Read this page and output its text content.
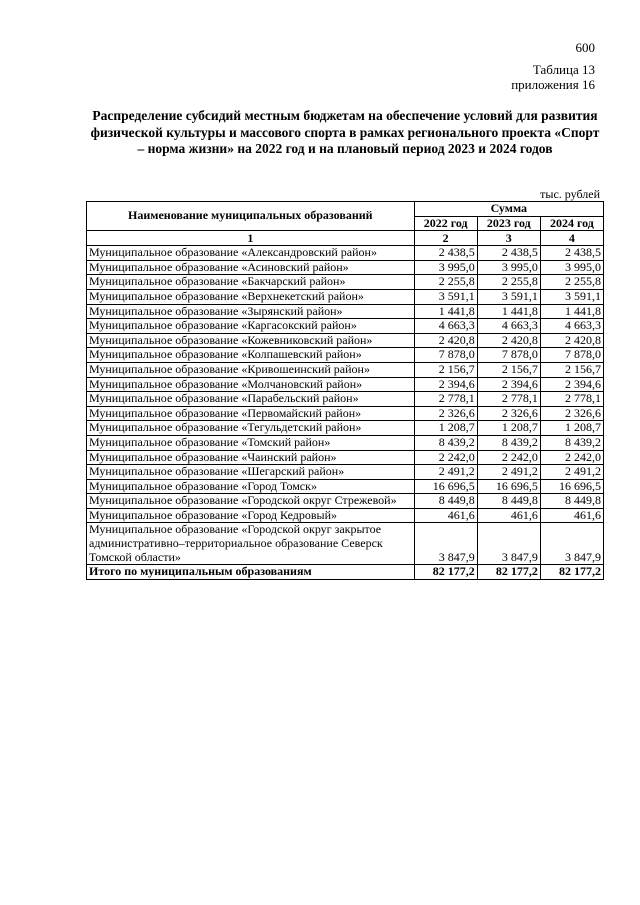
600
Таблица 13
приложения 16
Распределение субсидий местным бюджетам на обеспечение условий для развития физической культуры и массового спорта в рамках регионального проекта «Спорт – норма жизни» на 2022 год и на плановый период 2023 и 2024 годов
тыс. рублей
Наименование муниципальных образований	Сумма		
	2022 год	2023 год	2024 год
1	2	3	4
Муниципальное образование «Александровский район»	2 438,5	2 438,5	2 438,5
Муниципальное образование «Асиновский район»	3 995,0	3 995,0	3 995,0
Муниципальное образование «Бакчарский район»	2 255,8	2 255,8	2 255,8
Муниципальное образование «Верхнекетский район»	3 591,1	3 591,1	3 591,1
Муниципальное образование «Зырянский район»	1 441,8	1 441,8	1 441,8
Муниципальное образование «Каргасокский район»	4 663,3	4 663,3	4 663,3
Муниципальное образование «Кожевниковский район»	2 420,8	2 420,8	2 420,8
Муниципальное образование «Колпашевский район»	7 878,0	7 878,0	7 878,0
Муниципальное образование «Кривошеинский район»	2 156,7	2 156,7	2 156,7
Муниципальное образование «Молчановский район»	2 394,6	2 394,6	2 394,6
Муниципальное образование «Парабельский район»	2 778,1	2 778,1	2 778,1
Муниципальное образование «Первомайский район»	2 326,6	2 326,6	2 326,6
Муниципальное образование «Тегульдетский район»	1 208,7	1 208,7	1 208,7
Муниципальное образование «Томский район»	8 439,2	8 439,2	8 439,2
Муниципальное образование «Чаинский район»	2 242,0	2 242,0	2 242,0
Муниципальное образование «Шегарский район»	2 491,2	2 491,2	2 491,2
Муниципальное образование «Город Томск»	16 696,5	16 696,5	16 696,5
Муниципальное образование «Городской округ Стрежевой»	8 449,8	8 449,8	8 449,8
Муниципальное образование «Город Кедровый»	461,6	461,6	461,6
Муниципальное образование «Городской округ закрытое административно–территориальное образование Северск Томской области»	3 847,9	3 847,9	3 847,9
Итого по муниципальным образованиям	82 177,2	82 177,2	82 177,2
